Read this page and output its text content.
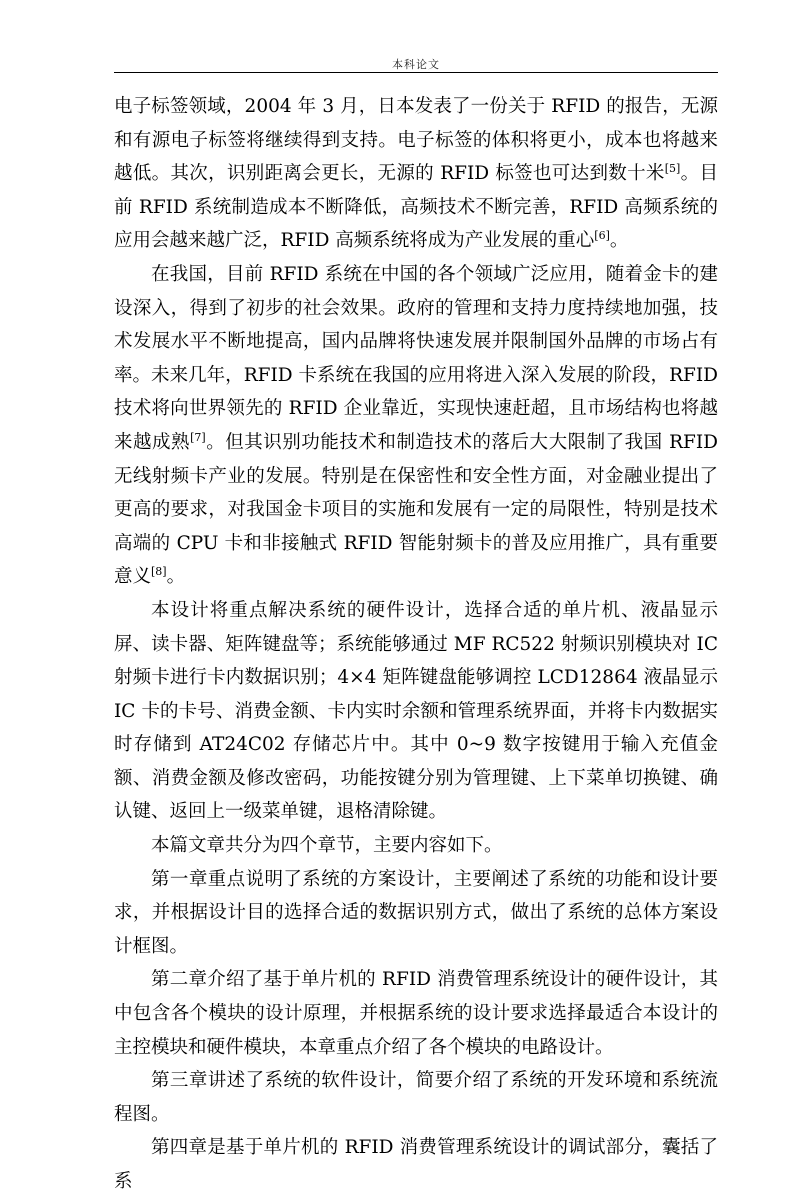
本科论文

电子标签领域，2004 年 3 月，日本发表了一份关于 RFID 的报告，无源和有源电子标签将继续得到支持。电子标签的体积将更小，成本也将越来越低。其次，识别距离会更长，无源的 RFID 标签也可达到数十米[5]。目前 RFID 系统制造成本不断降低，高频技术不断完善，RFID 高频系统的应用会越来越广泛，RFID 高频系统将成为产业发展的重心[6]。

在我国，目前 RFID 系统在中国的各个领域广泛应用，随着金卡的建设深入，得到了初步的社会效果。政府的管理和支持力度持续地加强，技术发展水平不断地提高，国内品牌将快速发展并限制国外品牌的市场占有率。未来几年，RFID 卡系统在我国的应用将进入深入发展的阶段，RFID 技术将向世界领先的 RFID 企业靠近，实现快速赶超，且市场结构也将越来越成熟[7]。但其识别功能技术和制造技术的落后大大限制了我国 RFID 无线射频卡产业的发展。特别是在保密性和安全性方面，对金融业提出了更高的要求，对我国金卡项目的实施和发展有一定的局限性，特别是技术高端的 CPU 卡和非接触式 RFID 智能射频卡的普及应用推广，具有重要意义[8]。

本设计将重点解决系统的硬件设计，选择合适的单片机、液晶显示屏、读卡器、矩阵键盘等；系统能够通过 MF RC522 射频识别模块对 IC 射频卡进行卡内数据识别；4×4 矩阵键盘能够调控 LCD12864 液晶显示 IC 卡的卡号、消费金额、卡内实时余额和管理系统界面，并将卡内数据实时存储到 AT24C02 存储芯片中。其中 0~9 数字按键用于输入充值金额、消费金额及修改密码，功能按键分别为管理键、上下菜单切换键、确认键、返回上一级菜单键，退格清除键。

本篇文章共分为四个章节，主要内容如下。

第一章重点说明了系统的方案设计，主要阐述了系统的功能和设计要求，并根据设计目的选择合适的数据识别方式，做出了系统的总体方案设计框图。

第二章介绍了基于单片机的 RFID 消费管理系统设计的硬件设计，其中包含各个模块的设计原理，并根据系统的设计要求选择最适合本设计的主控模块和硬件模块，本章重点介绍了各个模块的电路设计。

第三章讲述了系统的软件设计，简要介绍了系统的开发环境和系统流程图。

第四章是基于单片机的 RFID 消费管理系统设计的调试部分，囊括了系
